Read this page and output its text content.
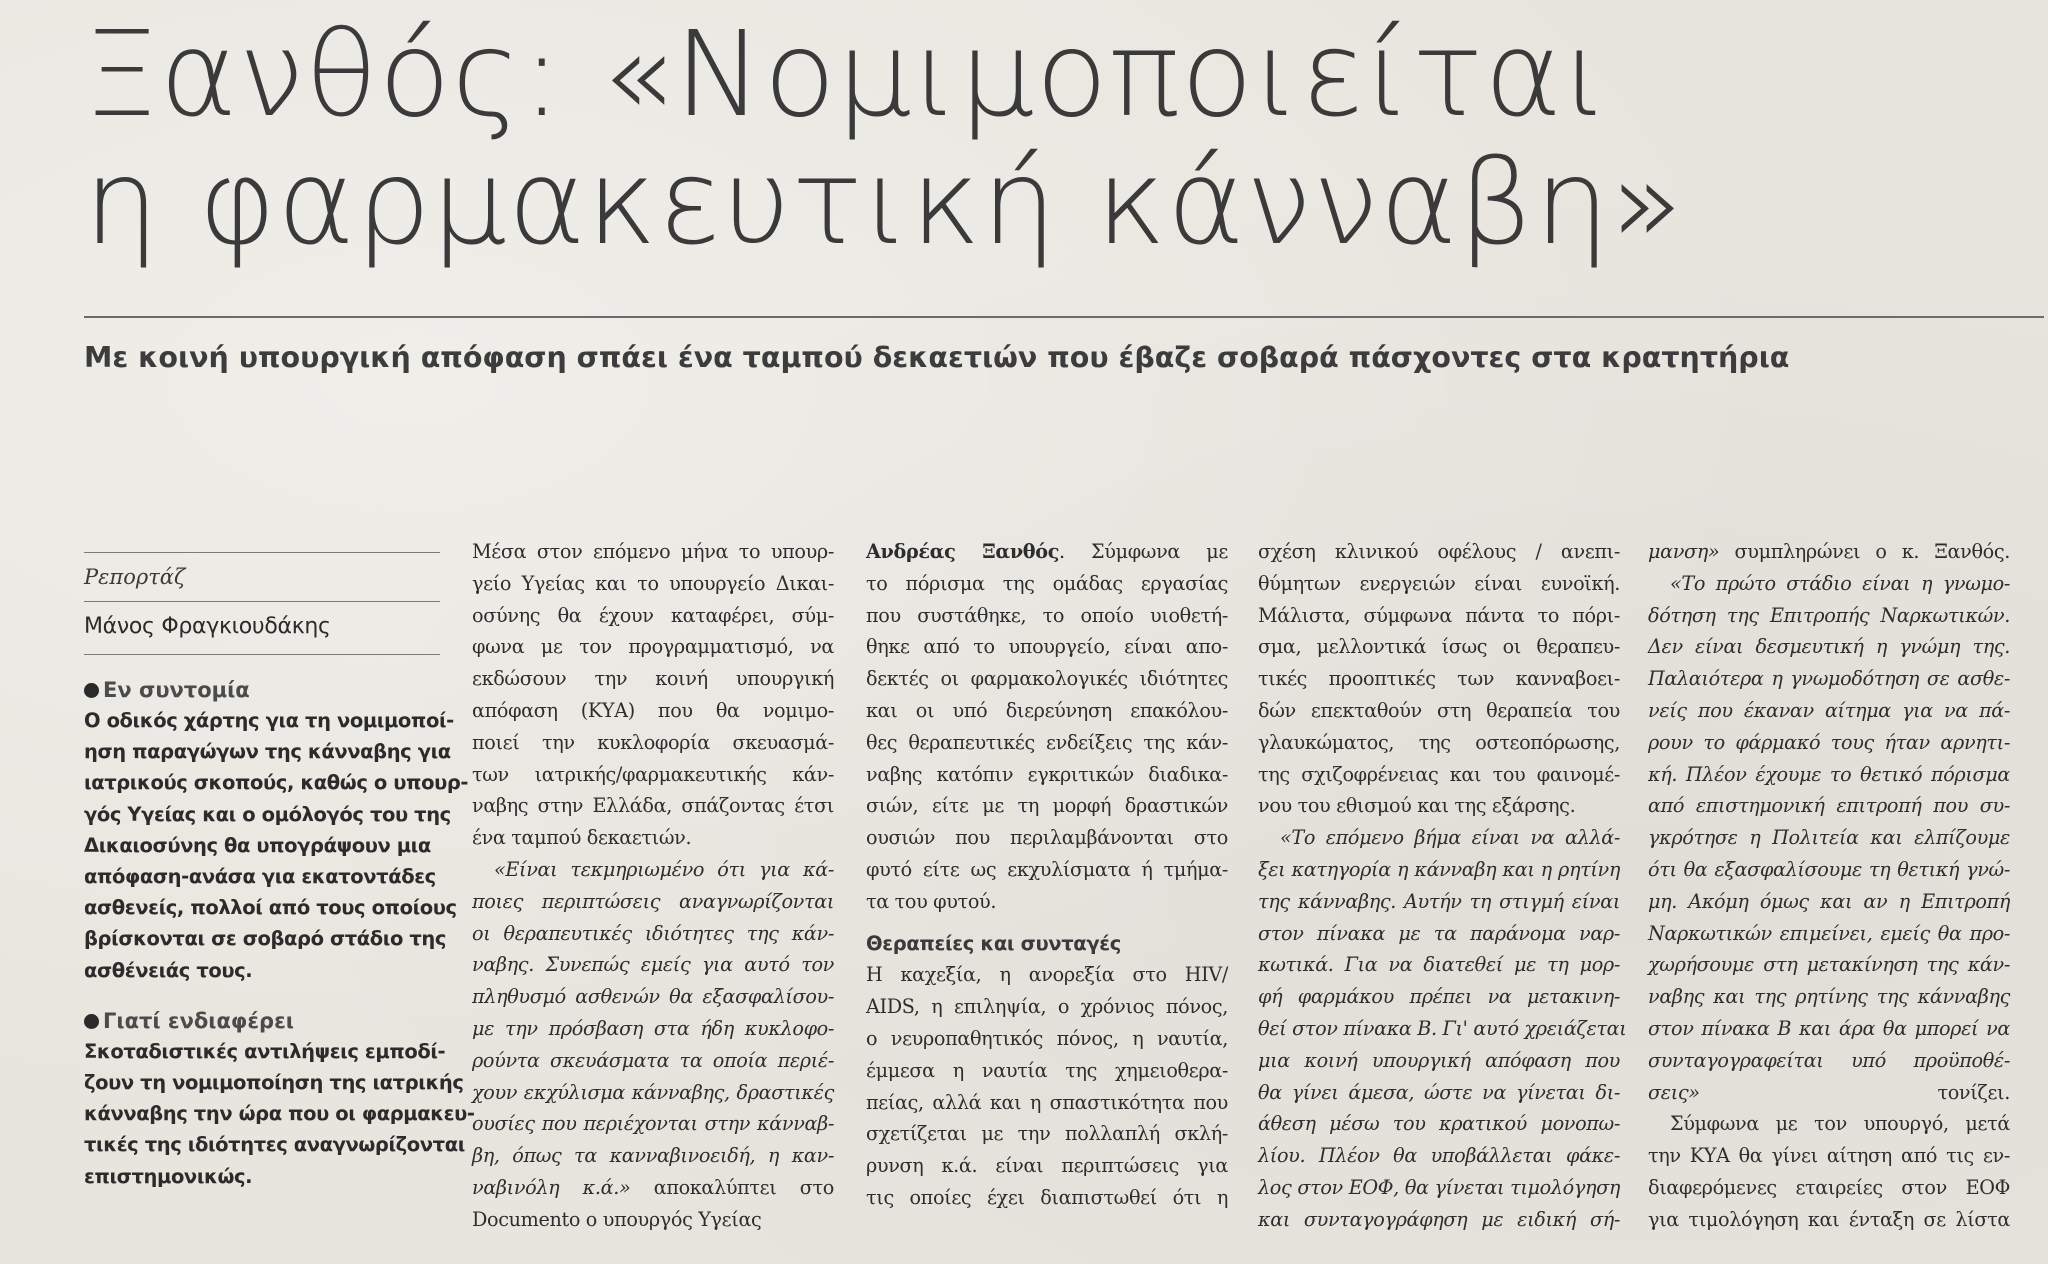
Ξανθός: «Νομιμοποιείται
η φαρμακευτική κάνναβη»
Με κοινή υπουργική απόφαση σπάει ένα ταμπού δεκαετιών που έβαζε σοβαρά πάσχοντες στα κρατητήρια
Ρεπορτάζ
Μάνος Φραγκιουδάκης
Εν συντομία
Ο οδικός χάρτης για τη νομιμοποί-
ηση παραγώγων της κάνναβης για
ιατρικούς σκοπούς, καθώς ο υπουρ-
γός Υγείας και ο ομόλογός του της
Δικαιοσύνης θα υπογράψουν μια
απόφαση-ανάσα για εκατοντάδες
ασθενείς, πολλοί από τους οποίους
βρίσκονται σε σοβαρό στάδιο της
ασθένειάς τους.
Γιατί ενδιαφέρει
Σκοταδιστικές αντιλήψεις εμποδί-
ζουν τη νομιμοποίηση της ιατρικής
κάνναβης την ώρα που οι φαρμακευ-
τικές της ιδιότητες αναγνωρίζονται
επιστημονικώς.

Μέσα στον επόμενο μήνα το υπουρ-
γείο Υγείας και το υπουργείο Δικαι-
οσύνης θα έχουν καταφέρει, σύμ-
φωνα με τον προγραμματισμό, να
εκδώσουν την κοινή υπουργική
απόφαση (ΚΥΑ) που θα νομιμο-
ποιεί την κυκλοφορία σκευασμά-
των ιατρικής/φαρμακευτικής κάν-
ναβης στην Ελλάδα, σπάζοντας έτσι
ένα ταμπού δεκαετιών.

«Είναι τεκμηριωμένο ότι για κά-
ποιες περιπτώσεις αναγνωρίζονται
οι θεραπευτικές ιδιότητες της κάν-
ναβης. Συνεπώς εμείς για αυτό τον
πληθυσμό ασθενών θα εξασφαλίσου-
με την πρόσβαση στα ήδη κυκλοφο-
ρούντα σκευάσματα τα οποία περιέ-
χουν εκχύλισμα κάνναβης, δραστικές
ουσίες που περιέχονται στην κάνναβ-
βη, όπως τα κανναβινοειδή, η καν-

ναβινόλη κ.ά.» αποκαλύπτει στο
Documento ο υπουργός Υγείας
Ανδρέας Ξανθός. Σύμφωνα με

το πόρισμα της ομάδας εργασίας
που συστάθηκε, το οποίο υιοθετή-
θηκε από το υπουργείο, είναι απο-
δεκτές οι φαρμακολογικές ιδιότητες
και οι υπό διερεύνηση επακόλου-
θες θεραπευτικές ενδείξεις της κάν-
ναβης κατόπιν εγκριτικών διαδικα-
σιών, είτε με τη μορφή δραστικών
ουσιών που περιλαμβάνονται στο
φυτό είτε ως εκχυλίσματα ή τμήμα-
τα του φυτού.

Θεραπείες και συνταγές

Η καχεξία, η ανορεξία στο HIV/
AIDS, η επιληψία, ο χρόνιος πόνος,
ο νευροπαθητικός πόνος, η ναυτία,
έμμεσα η ναυτία της χημειοθερα-
πείας, αλλά και η σπαστικότητα που
σχετίζεται με την πολλαπλή σκλή-
ρυνση κ.ά. είναι περιπτώσεις για
τις οποίες έχει διαπιστωθεί ότι η

σχέση κλινικού οφέλους / ανεπι-
θύμητων ενεργειών είναι ευνοϊκή.
Μάλιστα, σύμφωνα πάντα το πόρι-
σμα, μελλοντικά ίσως οι θεραπευ-
τικές προοπτικές των κανναβοει-
δών επεκταθούν στη θεραπεία του
γλαυκώματος, της οστεοπόρωσης,
της σχιζοφρένειας και του φαινομέ-
νου του εθισμού και της εξάρσης.

«Το επόμενο βήμα είναι να αλλά-
ξει κατηγορία η κάνναβη και η ρητίνη
της κάνναβης. Αυτήν τη στιγμή είναι
στον πίνακα με τα παράνομα ναρ-
κωτικά. Για να διατεθεί με τη μορ-
φή φαρμάκου πρέπει να μετακινη-
θεί στον πίνακα Β. Γι' αυτό χρειάζεται
μια κοινή υπουργική απόφαση που
θα γίνει άμεσα, ώστε να γίνεται δι-
άθεση μέσω του κρατικού μονοπω-
λίου. Πλέον θα υποβάλλεται φάκε-
λος στον ΕΟΦ, θα γίνεται τιμολόγηση
και συνταγογράφηση με ειδική σή-

μανση» συμπληρώνει ο κ. Ξανθός.

«Το πρώτο στάδιο είναι η γνωμο-
δότηση της Επιτροπής Ναρκωτικών.
Δεν είναι δεσμευτική η γνώμη της.
Παλαιότερα η γνωμοδότηση σε ασθε-
νείς που έκαναν αίτημα για να πά-
ρουν το φάρμακό τους ήταν αρνητι-
κή. Πλέον έχουμε το θετικό πόρισμα
από επιστημονική επιτροπή που συ-
γκρότησε η Πολιτεία και ελπίζουμε
ότι θα εξασφαλίσουμε τη θετική γνώ-
μη. Ακόμη όμως και αν η Επιτροπή
Ναρκωτικών επιμείνει, εμείς θα προ-
χωρήσουμε στη μετακίνηση της κάν-
ναβης και της ρητίνης της κάνναβης
στον πίνακα Β και άρα θα μπορεί να
συνταγογραφείται υπό προϋποθέ-

σεις» τονίζει.

Σύμφωνα με τον υπουργό, μετά
την ΚΥΑ θα γίνει αίτηση από τις εν-
διαφερόμενες εταιρείες στον ΕΟΦ
για τιμολόγηση και ένταξη σε λίστα
